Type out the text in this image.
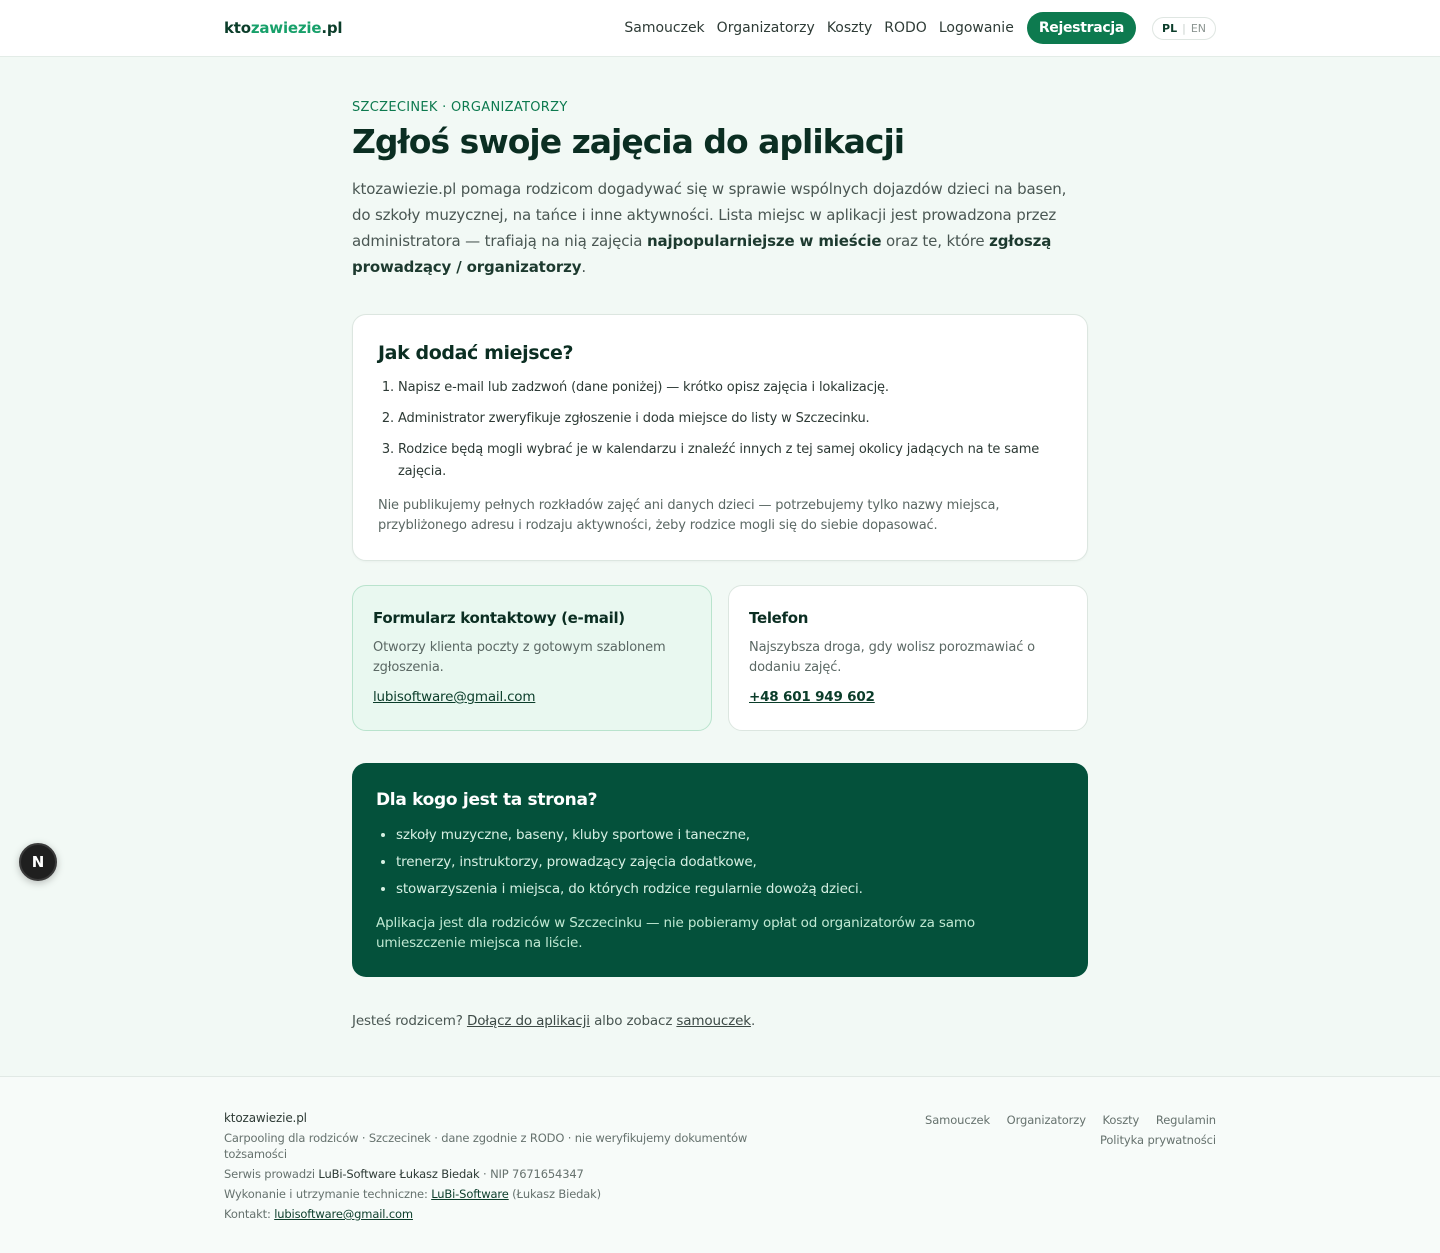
ktozawiezie.pl	Samouczek Organizatorzy Koszty RODO Logowanie	Rejestracja	PL | EN
SZCZECINEK · ORGANIZATORZY
Zgłoś swoje zajęcia do aplikacji

ktozawiezie.pl pomaga rodzicom dogadywać się w sprawie wspólnych dojazdów dzieci na basen, do szkoły muzycznej, na tańce i inne aktywności. Lista miejsc w aplikacji jest prowadzona przez administratora — trafiają na nią zajęcia najpopularniejsze w mieście oraz te, które zgłoszą prowadzący / organizatorzy.

Jak dodać miejsce?
1. Napisz e-mail lub zadzwoń (dane poniżej) — krótko opisz zajęcia i lokalizację.
2. Administrator zweryfikuje zgłoszenie i doda miejsce do listy w Szczecinku.
3. Rodzice będą mogli wybrać je w kalendarzu i znaleźć innych z tej samej okolicy jadących na te same zajęcia.

Nie publikujemy pełnych rozkładów zajęć ani danych dzieci — potrzebujemy tylko nazwy miejsca, przybliżonego adresu i rodzaju aktywności, żeby rodzice mogli się do siebie dopasować.

Formularz kontaktowy (e-mail)

Otworzy klienta poczty z gotowym szablonem zgłoszenia.

lubisoftware@gmail.com
Telefon

Najszybsza droga, gdy wolisz porozmawiać o dodaniu zajęć.

+48 601 949 602
Dla kogo jest ta strona?
• szkoły muzyczne, baseny, kluby sportowe i taneczne,
• trenerzy, instruktorzy, prowadzący zajęcia dodatkowe,
• stowarzyszenia i miejsca, do których rodzice regularnie dowożą dzieci.

Aplikacja jest dla rodziców w Szczecinku — nie pobieramy opłat od organizatorów za samo umieszczenie miejsca na liście.

Jesteś rodzicem? Dołącz do aplikacji albo zobacz samouczek.

ktozawiezie.pl
Carpooling dla rodziców · Szczecinek · dane zgodnie z RODO · nie weryfikujemy dokumentów tożsamości
Serwis prowadzi LuBi-Software Łukasz Biedak · NIP 7671654347
Wykonanie i utrzymanie techniczne: LuBi-Software (Łukasz Biedak)
Kontakt: lubisoftware@gmail.com
Samouczek Organizatorzy Koszty Regulamin
Polityka prywatności
N
